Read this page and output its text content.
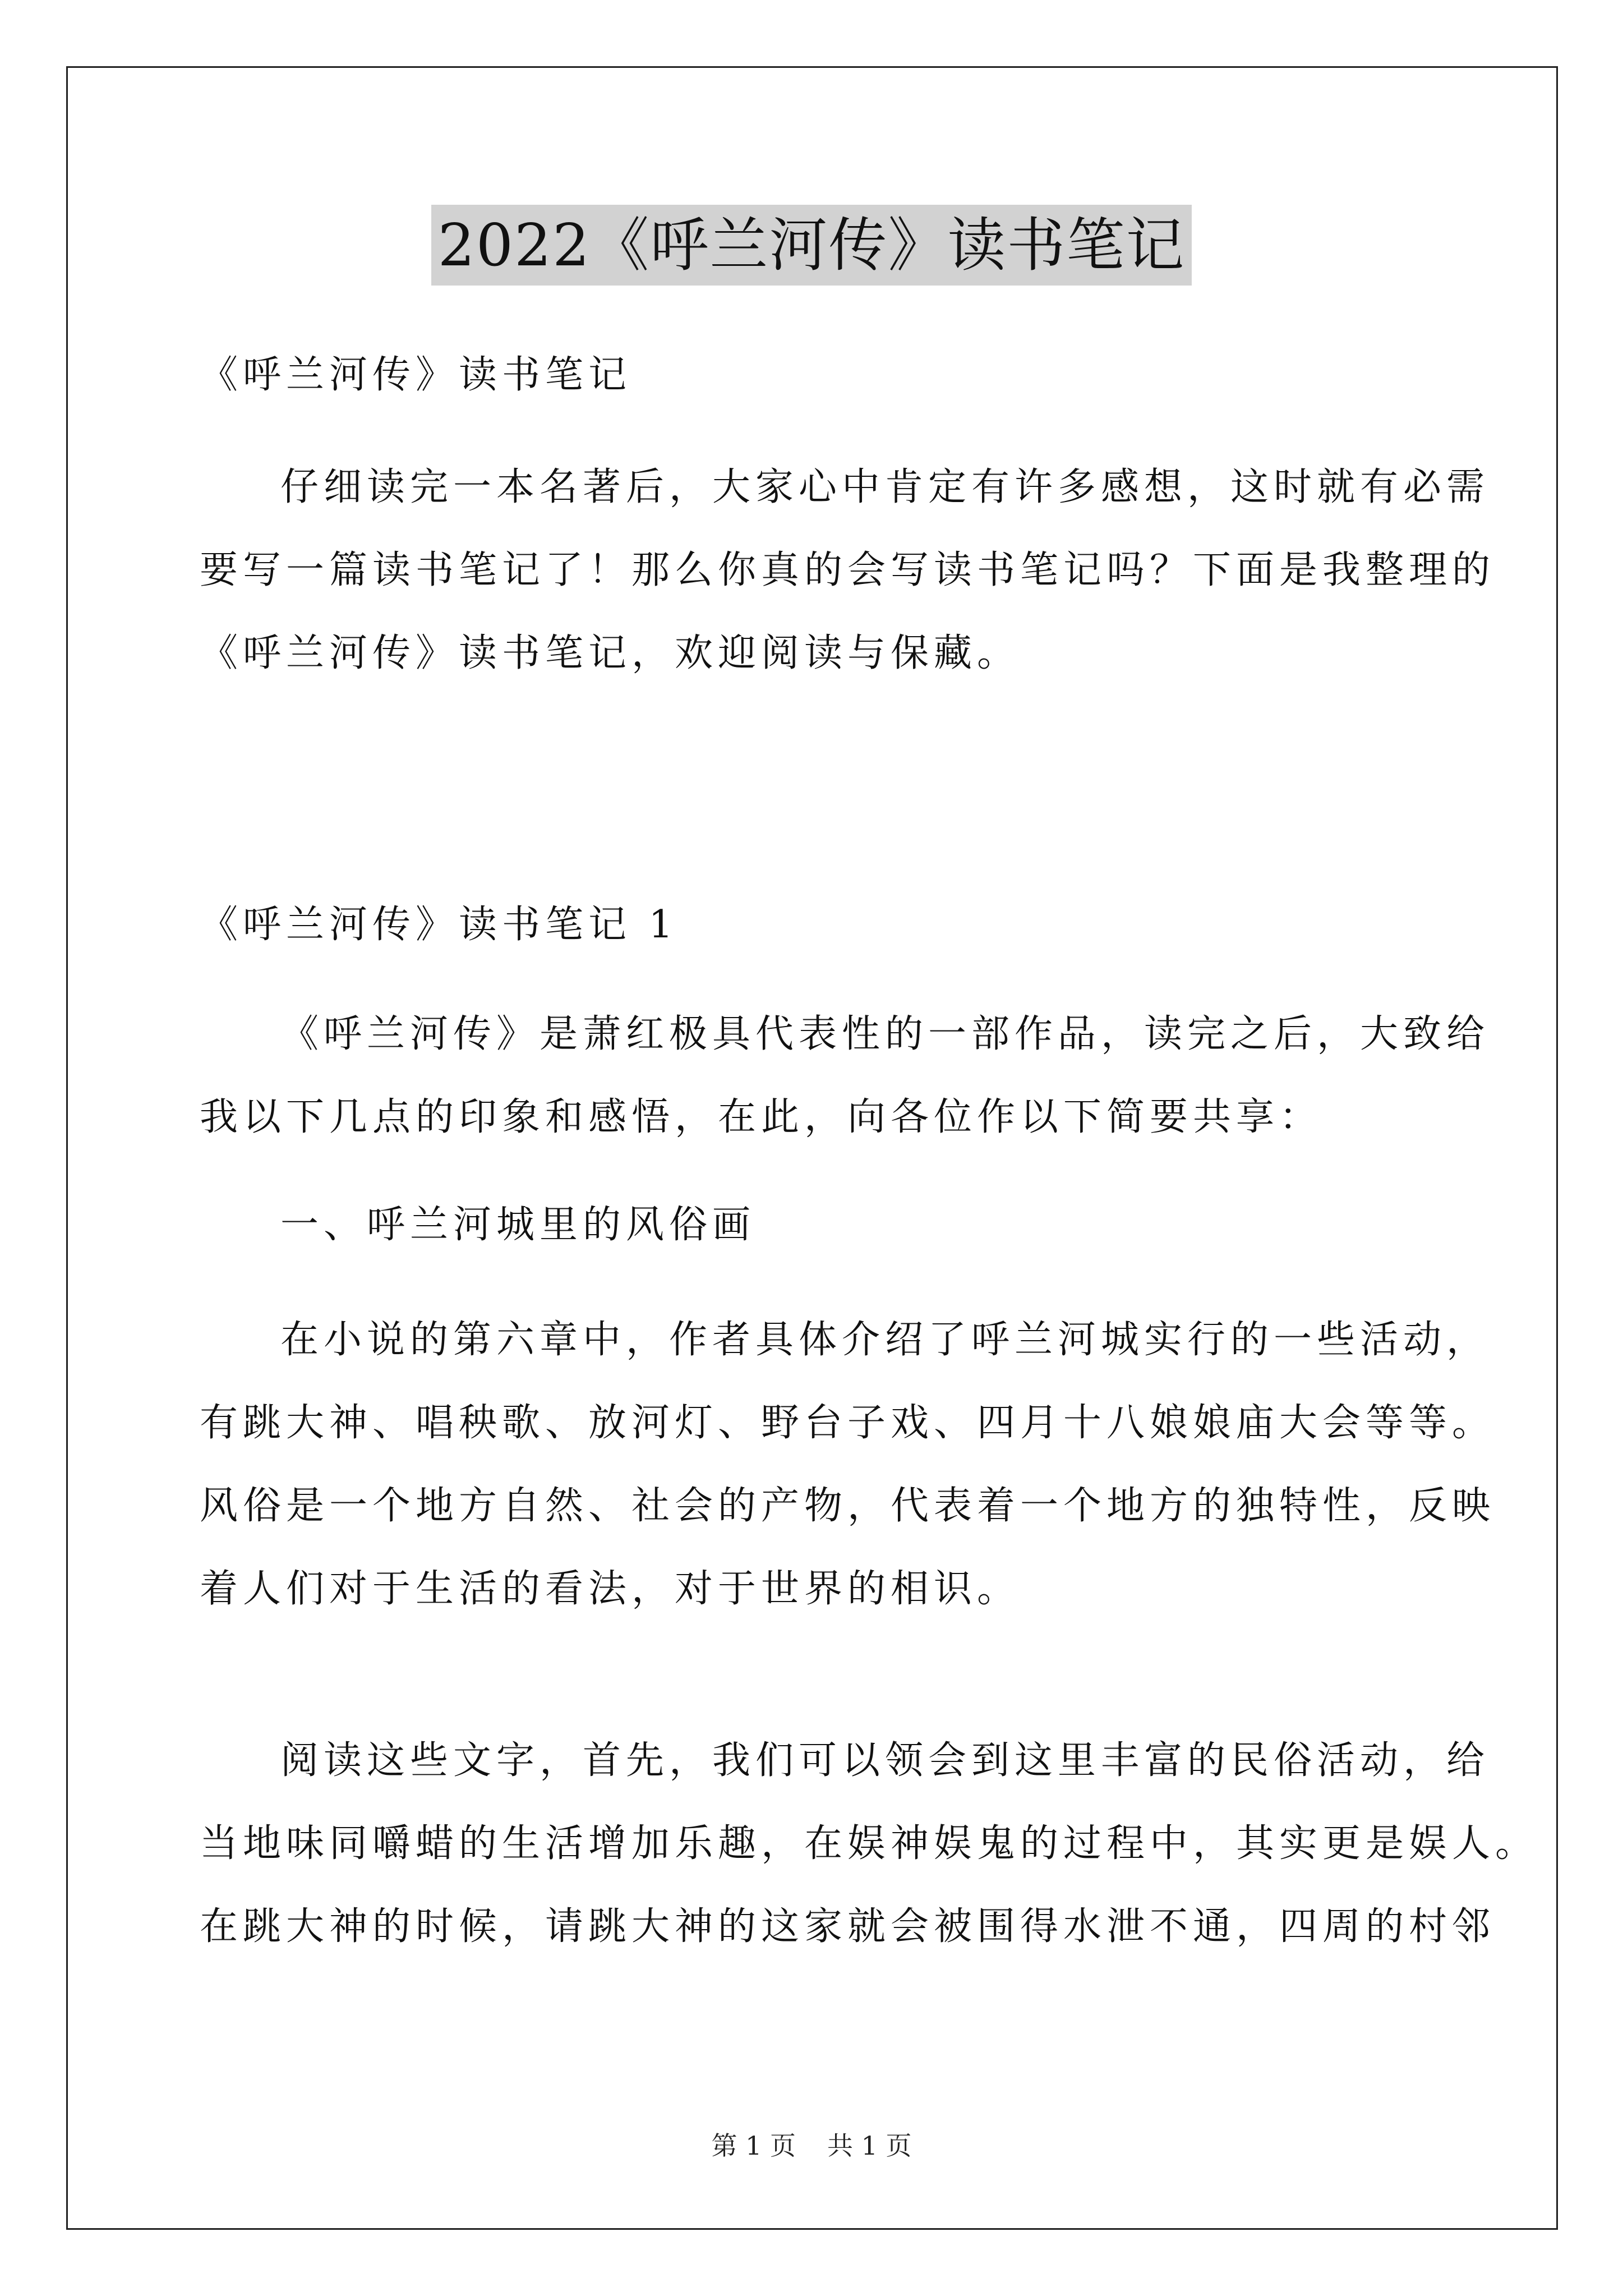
2022《呼兰河传》读书笔记
《呼兰河传》读书笔记
仔细读完一本名著后，大家心中肯定有许多感想，这时就有必需
要写一篇读书笔记了！那么你真的会写读书笔记吗？下面是我整理的
《呼兰河传》读书笔记，欢迎阅读与保藏。
《呼兰河传》读书笔记 1
《呼兰河传》是萧红极具代表性的一部作品，读完之后，大致给
我以下几点的印象和感悟，在此，向各位作以下简要共享：
一、呼兰河城里的风俗画
在小说的第六章中，作者具体介绍了呼兰河城实行的一些活动，
有跳大神、唱秧歌、放河灯、野台子戏、四月十八娘娘庙大会等等。
风俗是一个地方自然、社会的产物，代表着一个地方的独特性，反映
着人们对于生活的看法，对于世界的相识。
阅读这些文字，首先，我们可以领会到这里丰富的民俗活动，给
当地味同嚼蜡的生活增加乐趣，在娱神娱鬼的过程中，其实更是娱人。
在跳大神的时候，请跳大神的这家就会被围得水泄不通，四周的村邻
第 1 页 共 1 页
